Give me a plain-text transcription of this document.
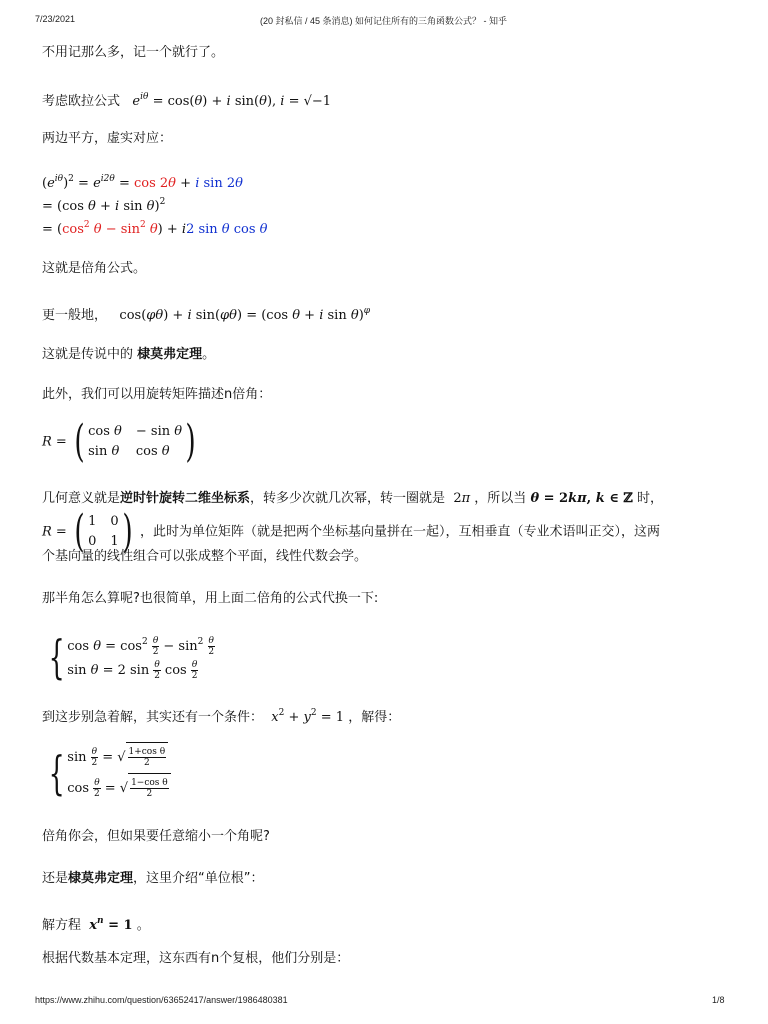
7/23/2021	(20 封私信 / 45 条消息) 如何记住所有的三角函数公式？ - 知乎
不用记那么多，记一个就行了。
考虑欧拉公式 $e^{i\theta} = \cos(\theta) + i$ sin(θ), i = √−1
两边平方，虚实对应：
$(e^{i\theta})^2 = e^{i2\theta} = \cos 2\theta + i$ sin 2θ
= (cos θ + i sin θ)$^2$
= ($\cos^2$ $\theta - \sin^2 \theta) + i2$ sin θ cos θ
这就是倍角公式。
更一般地， cos(φθ) + i sin(φθ) = (cos θ + i sin θ)$^\varphi$
这就是传说中的 棣莫弗定理。
此外，我们可以用旋转矩阵描述n倍角：
R = ( cos θ − sin θ
sin θ cos θ )
几何意义就是逆时针旋转二维坐标系，转多少次就几次幂，转一圈就是 2π ，所以当 θ = 2kπ, k ∈ ℤ 时，
R = ( 1 0
0 1 ) ，此时为单位矩阵（就是把两个坐标基向量拼在一起），互相垂直（专业术语叫正交），这两
个基向量的线性组合可以张成整个平面，线性代数会学。
那半角怎么算呢?也很简单，用上面二倍角的公式代换一下:
{ $\cos \theta = \cos^2 \frac{\theta}{2} - \sin^2 \frac{\theta}{2}$
sin θ = 2 $\sin \frac{\theta}{2}$ $\cos \frac{\theta}{2}$
到这步别急着解，其实还有一个条件： $x^2 + y^2 = 1$ ，解得：
{ $\sin \frac{\theta}{2}$ = √ $\frac{\text{1+cos θ}}{2}$
$\cos \frac{\theta}{2}$ = √ $\frac{\text{1−cos θ}}{2}$
倍角你会，但如果要任意缩小一个角呢?
还是棣莫弗定理，这里介绍“单位根”：
解方程 $x^n = 1$ 。
根据代数基本定理，这东西有n个复根，他们分别是：
https://www.zhihu.com/question/63652417/answer/1986480381	1/8
